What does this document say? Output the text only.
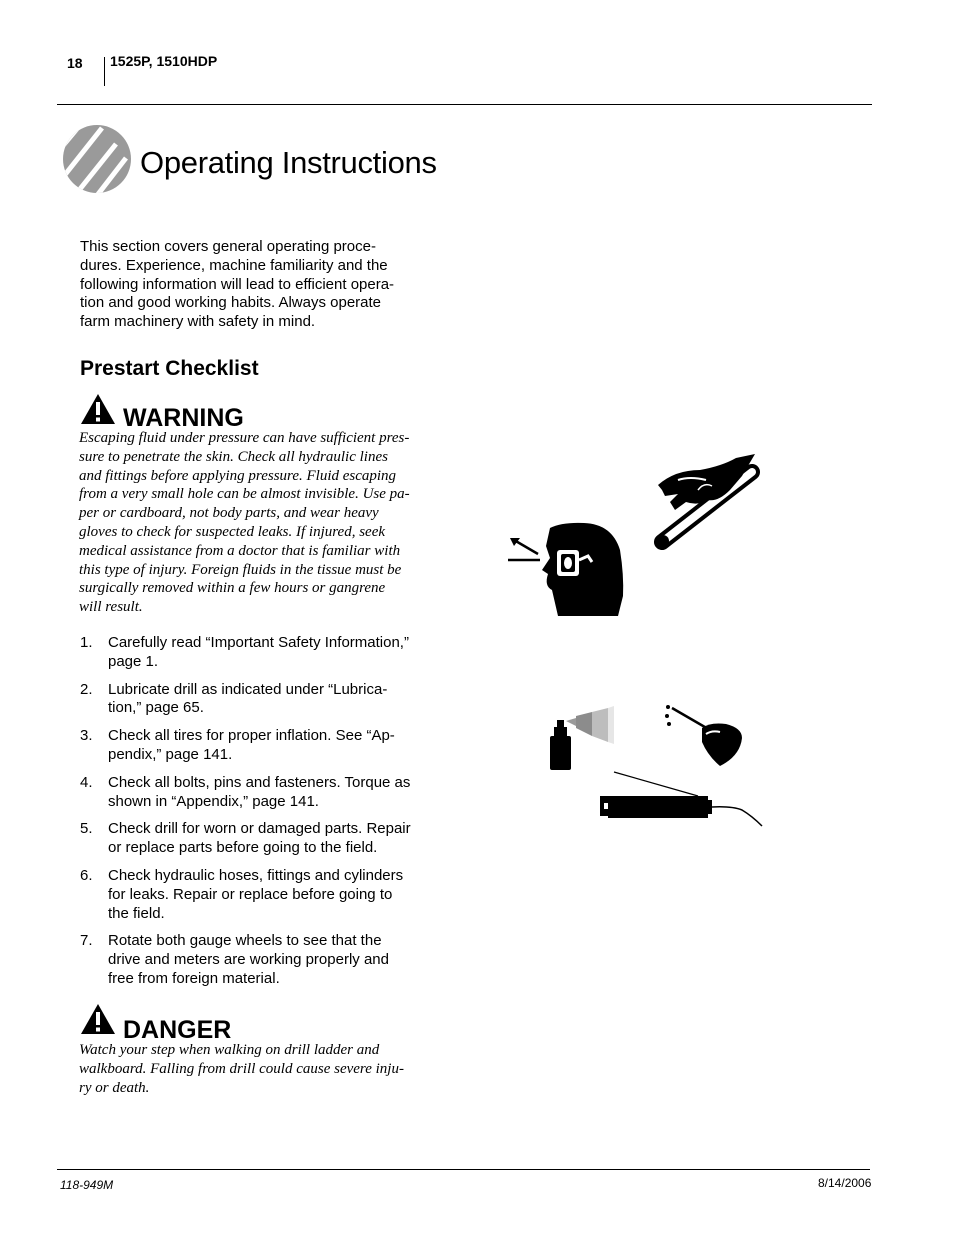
18 1525P, 1510HDP
Operating Instructions
This section covers general operating proce-
dures. Experience, machine familiarity and the
following information will lead to efficient opera-
tion and good working habits. Always operate
farm machinery with safety in mind.
Prestart Checklist
WARNING
Escaping fluid under pressure can have sufficient pres-
sure to penetrate the skin. Check all hydraulic lines
and fittings before applying pressure. Fluid escaping
from a very small hole can be almost invisible. Use pa-
per or cardboard, not body parts, and wear heavy
gloves to check for suspected leaks. If injured, seek
medical assistance from a doctor that is familiar with
this type of injury. Foreign fluids in the tissue must be
surgically removed within a few hours or gangrene
will result.
1. Carefully read “Important Safety Information,”
page 1.
2. Lubricate drill as indicated under “Lubrica-
tion,” page 65.
3. Check all tires for proper inflation. See “Ap-
pendix,” page 141.
4. Check all bolts, pins and fasteners. Torque as
shown in “Appendix,” page 141.
5. Check drill for worn or damaged parts. Repair
or replace parts before going to the field.
6. Check hydraulic hoses, fittings and cylinders
for leaks. Repair or replace before going to
the field.
7. Rotate both gauge wheels to see that the
drive and meters are working properly and
free from foreign material.
DANGER
Watch your step when walking on drill ladder and
walkboard. Falling from drill could cause severe inju-
ry or death.
118-949M	8/14/2006
